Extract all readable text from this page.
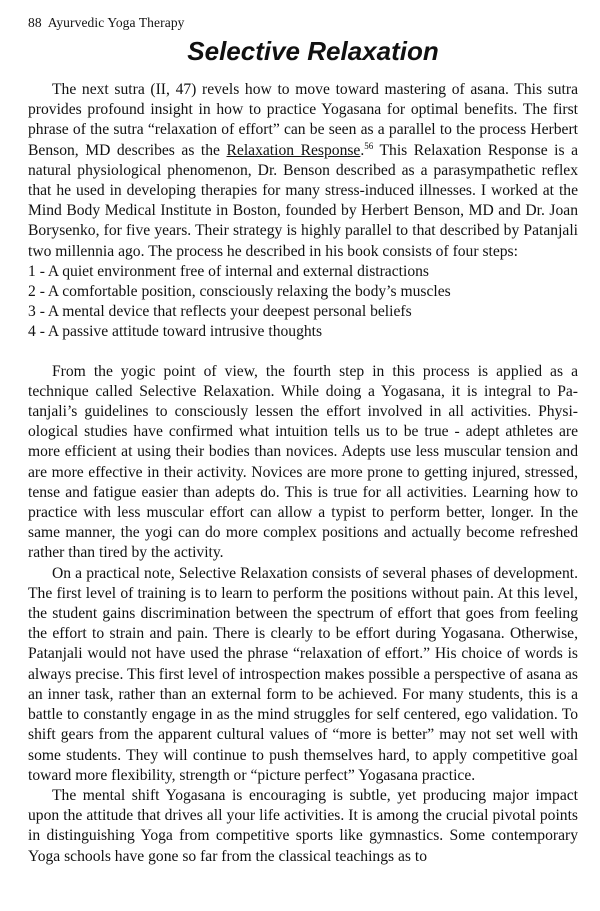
88 Ayurvedic Yoga Therapy
Selective Relaxation

The next sutra (II, 47) revels how to move toward mastering of asana. This sutra provides profound insight in how to practice Yogasana for optimal benefits. The first phrase of the sutra “relaxation of effort” can be seen as a parallel to the process Herbert Benson, MD describes as the Relaxation Response.$^{56}$ This Relaxation Response is a natural physiological phenomenon, Dr. Benson described as a parasympathetic reflex that he used in developing therapies for many stress-induced illnesses. I worked at the Mind Body Medical Institute in Boston, founded by Herbert Benson, MD and Dr. Joan Borysenko, for five years. Their strategy is highly parallel to that described by Patanjali two millennia ago. The process he described in his book consists of four steps:

1 - A quiet environment free of internal and external distractions
2 - A comfortable position, consciously relaxing the body’s muscles
3 - A mental device that reflects your deepest personal beliefs
4 - A passive attitude toward intrusive thoughts

From the yogic point of view, the fourth step in this process is applied as a technique called Selective Relaxation. While doing a Yogasana, it is integral to Patanjali’s guidelines to consciously lessen the effort involved in all activities. Physiological studies have confirmed what intuition tells us to be true - adept athletes are more efficient at using their bodies than novices. Adepts use less muscular tension and are more effective in their activity. Novices are more prone to getting injured, stressed, tense and fatigue easier than adepts do. This is true for all activities. Learning how to practice with less muscular effort can allow a typist to perform better, longer. In the same manner, the yogi can do more complex positions and actually become refreshed rather than tired by the activity.

On a practical note, Selective Relaxation consists of several phases of development. The first level of training is to learn to perform the positions without pain. At this level, the student gains discrimination between the spectrum of effort that goes from feeling the effort to strain and pain. There is clearly to be effort during Yogasana. Otherwise, Patanjali would not have used the phrase “relaxation of effort.” His choice of words is always precise. This first level of introspection makes possible a perspective of asana as an inner task, rather than an external form to be achieved. For many students, this is a battle to constantly engage in as the mind struggles for self centered, ego validation. To shift gears from the apparent cultural values of “more is better” may not set well with some students. They will continue to push themselves hard, to apply competitive goal toward more flexibility, strength or “picture perfect” Yogasana practice.

The mental shift Yogasana is encouraging is subtle, yet producing major impact upon the attitude that drives all your life activities. It is among the crucial pivotal points in distinguishing Yoga from competitive sports like gymnastics. Some contemporary Yoga schools have gone so far from the classical teachings as to
